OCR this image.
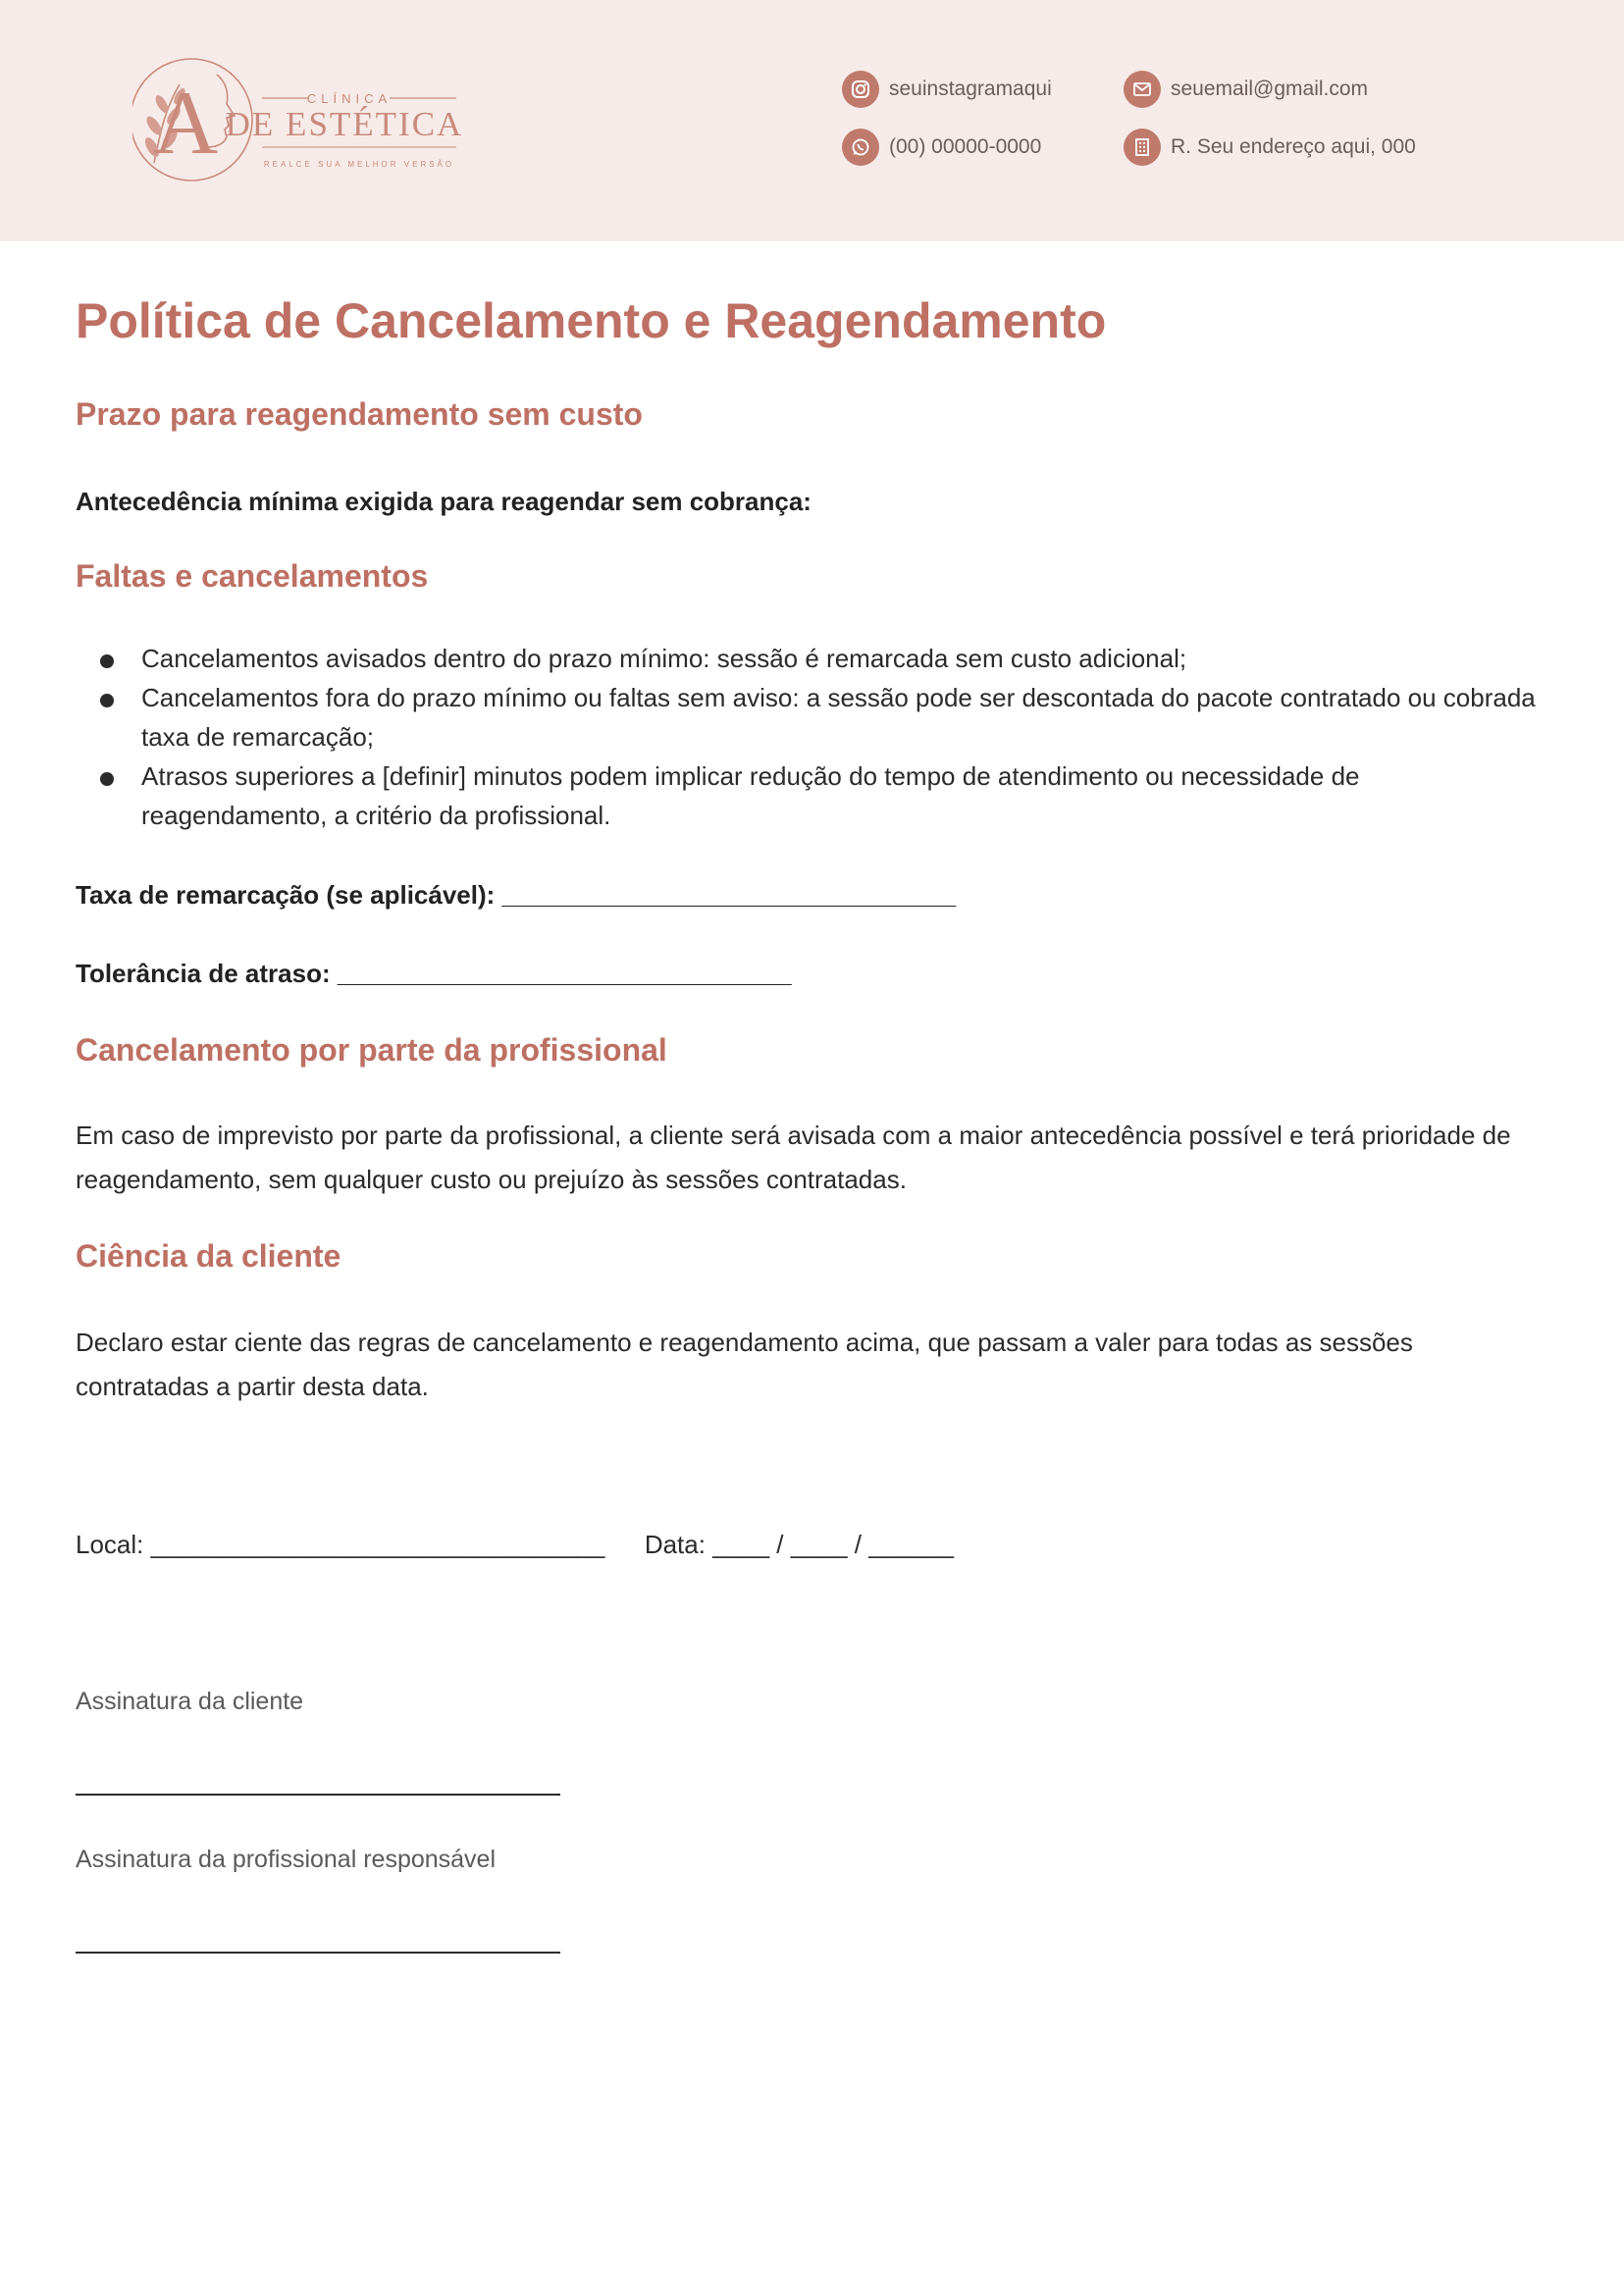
A	CLÍNICA
DE ESTÉTICA
REALCE SUA MELHOR VERSÃO
seuinstagramaqui	seuemail@gmail.com
(00) 00000-0000	R. Seu endereço aqui, 000
Política de Cancelamento e Reagendamento
Prazo para reagendamento sem custo

Antecedência mínima exigida para reagendar sem cobrança:

Faltas e cancelamentos
Cancelamentos avisados dentro do prazo mínimo: sessão é remarcada sem custo adicional;
Cancelamentos fora do prazo mínimo ou faltas sem aviso: a sessão pode ser descontada do pacote contratado ou cobrada taxa de remarcação;
Atrasos superiores a [definir] minutos podem implicar redução do tempo de atendimento ou necessidade de reagendamento, a critério da profissional.

Taxa de remarcação (se aplicável): ________________________________

Tolerância de atraso: ________________________________

Cancelamento por parte da profissional

Em caso de imprevisto por parte da profissional, a cliente será avisada com a maior antecedência possível e terá prioridade de reagendamento, sem qualquer custo ou prejuízo às sessões contratadas.

Ciência da cliente

Declaro estar ciente das regras de cancelamento e reagendamento acima, que passam a valer para todas as sessões contratadas a partir desta data.

Local: ________________________________ Data: ____ / ____ / ______

Assinatura da cliente

Assinatura da profissional responsável
